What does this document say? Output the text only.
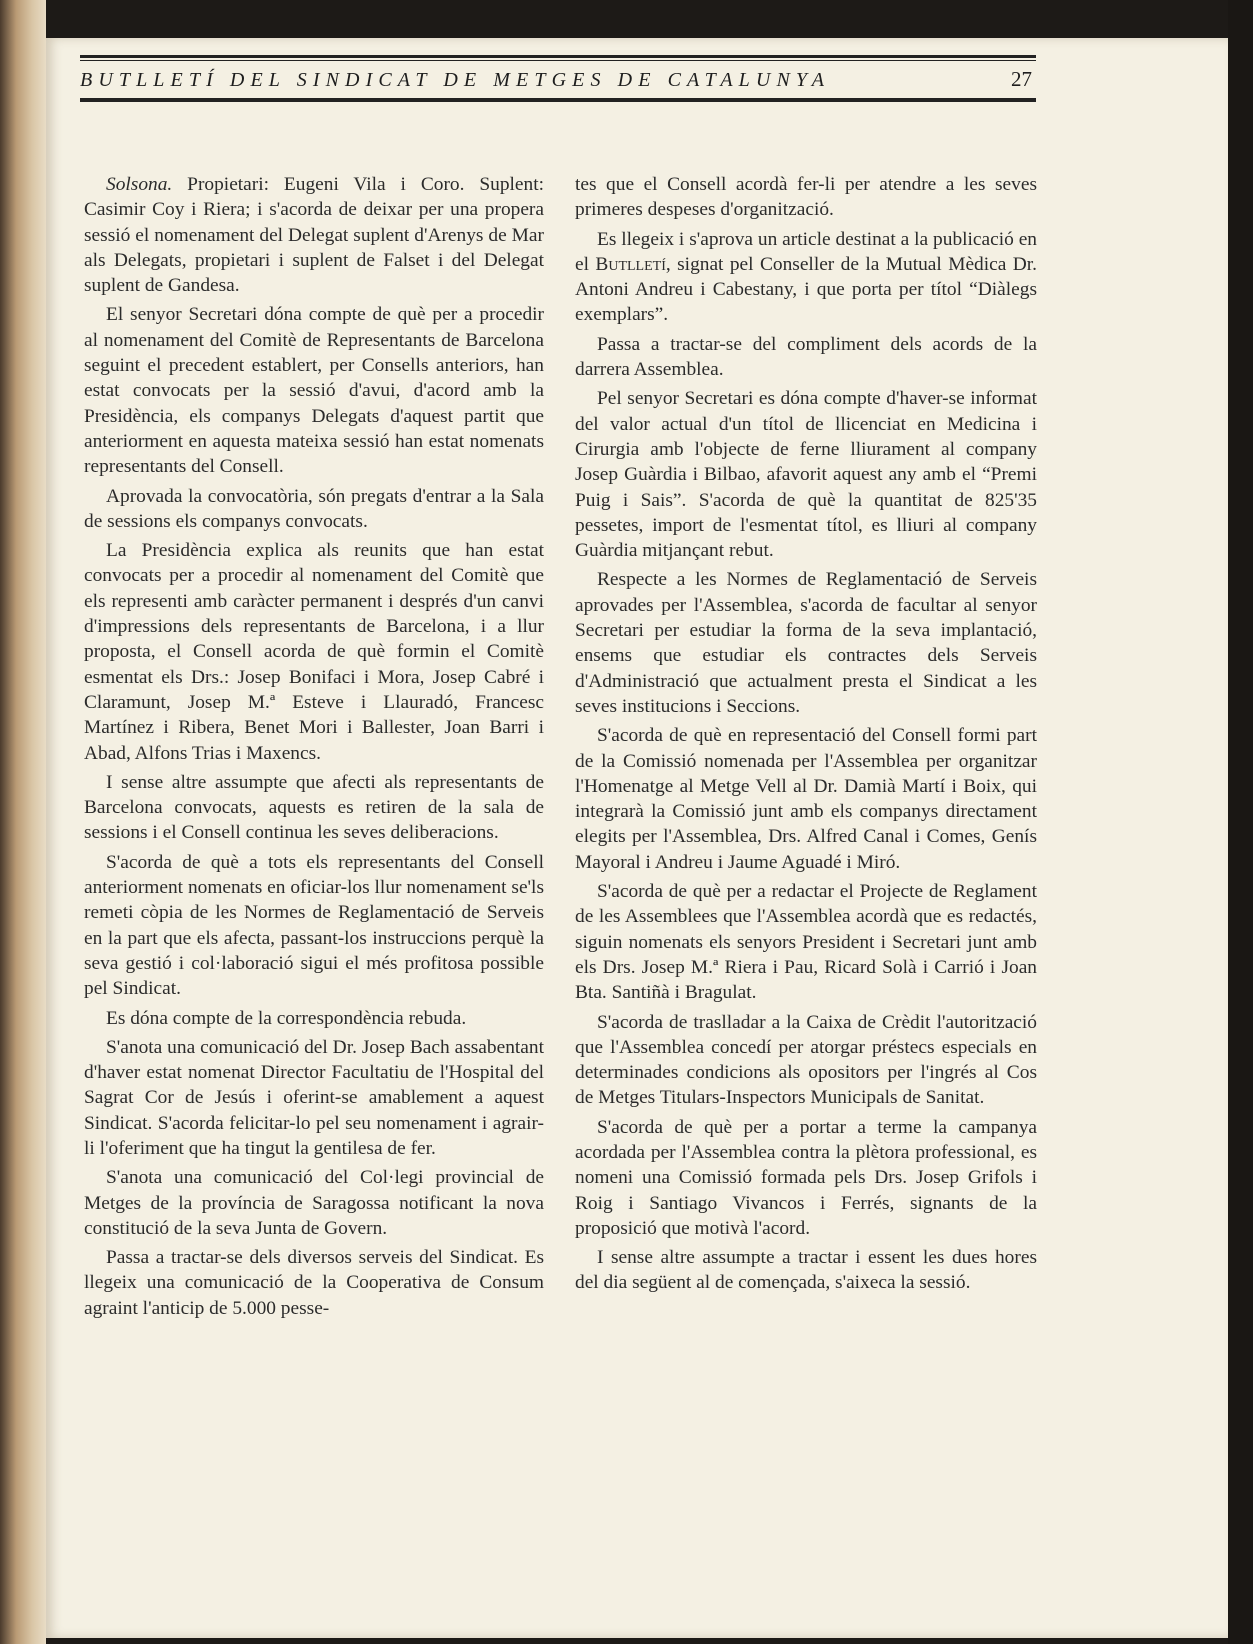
BUTLLETÍ DEL SINDICAT DE METGES DE CATALUNYA	27

Solsona. Propietari: Eugeni Vila i Coro. Suplent: Casimir Coy i Riera; i s'acorda de deixar per una propera sessió el nomenament del Delegat suplent d'Arenys de Mar als Delegats, propietari i suplent de Falset i del Delegat suplent de Gandesa.

El senyor Secretari dóna compte de què per a procedir al nomenament del Comitè de Representants de Barcelona seguint el precedent establert, per Consells anteriors, han estat convocats per la sessió d'avui, d'acord amb la Presidència, els companys Delegats d'aquest partit que anteriorment en aquesta mateixa sessió han estat nomenats representants del Consell.

Aprovada la convocatòria, són pregats d'entrar a la Sala de sessions els companys convocats.

La Presidència explica als reunits que han estat convocats per a procedir al nomenament del Comitè que els representi amb caràcter permanent i després d'un canvi d'impressions dels representants de Barcelona, i a llur proposta, el Consell acorda de què formin el Comitè esmentat els Drs.: Josep Bonifaci i Mora, Josep Cabré i Claramunt, Josep M.ª Esteve i Llauradó, Francesc Martínez i Ribera, Benet Mori i Ballester, Joan Barri i Abad, Alfons Trias i Maxencs.

I sense altre assumpte que afecti als representants de Barcelona convocats, aquests es retiren de la sala de sessions i el Consell continua les seves deliberacions.

S'acorda de què a tots els representants del Consell anteriorment nomenats en oficiar-los llur nomenament se'ls remeti còpia de les Normes de Reglamentació de Serveis en la part que els afecta, passant-los instruccions perquè la seva gestió i col·laboració sigui el més profitosa possible pel Sindicat.

Es dóna compte de la correspondència rebuda.

S'anota una comunicació del Dr. Josep Bach assabentant d'haver estat nomenat Director Facultatiu de l'Hospital del Sagrat Cor de Jesús i oferint-se amablement a aquest Sindicat. S'acorda felicitar-lo pel seu nomenament i agrair-li l'oferiment que ha tingut la gentilesa de fer.

S'anota una comunicació del Col·legi provincial de Metges de la província de Saragossa notificant la nova constitució de la seva Junta de Govern.

Passa a tractar-se dels diversos serveis del Sindicat. Es llegeix una comunicació de la Cooperativa de Consum agraint l'anticip de 5.000 pesse-

tes que el Consell acordà fer-li per atendre a les seves primeres despeses d'organització.

Es llegeix i s'aprova un article destinat a la publicació en el Butlletí, signat pel Conseller de la Mutual Mèdica Dr. Antoni Andreu i Cabestany, i que porta per títol “Diàlegs exemplars”.

Passa a tractar-se del compliment dels acords de la darrera Assemblea.

Pel senyor Secretari es dóna compte d'haver-se informat del valor actual d'un títol de llicenciat en Medicina i Cirurgia amb l'objecte de ferne lliurament al company Josep Guàrdia i Bilbao, afavorit aquest any amb el “Premi Puig i Sais”. S'acorda de què la quantitat de 825'35 pessetes, import de l'esmentat títol, es lliuri al company Guàrdia mitjançant rebut.

Respecte a les Normes de Reglamentació de Serveis aprovades per l'Assemblea, s'acorda de facultar al senyor Secretari per estudiar la forma de la seva implantació, ensems que estudiar els contractes dels Serveis d'Administració que actualment presta el Sindicat a les seves institucions i Seccions.

S'acorda de què en representació del Consell formi part de la Comissió nomenada per l'Assemblea per organitzar l'Homenatge al Metge Vell al Dr. Damià Martí i Boix, qui integrarà la Comissió junt amb els companys directament elegits per l'Assemblea, Drs. Alfred Canal i Comes, Genís Mayoral i Andreu i Jaume Aguadé i Miró.

S'acorda de què per a redactar el Projecte de Reglament de les Assemblees que l'Assemblea acordà que es redactés, siguin nomenats els senyors President i Secretari junt amb els Drs. Josep M.ª Riera i Pau, Ricard Solà i Carrió i Joan Bta. Santiñà i Bragulat.

S'acorda de traslladar a la Caixa de Crèdit l'autorització que l'Assemblea concedí per atorgar préstecs especials en determinades condicions als opositors per l'ingrés al Cos de Metges Titulars-Inspectors Municipals de Sanitat.

S'acorda de què per a portar a terme la campanya acordada per l'Assemblea contra la plètora professional, es nomeni una Comissió formada pels Drs. Josep Grifols i Roig i Santiago Vivancos i Ferrés, signants de la proposició que motivà l'acord.

I sense altre assumpte a tractar i essent les dues hores del dia següent al de començada, s'aixeca la sessió.
